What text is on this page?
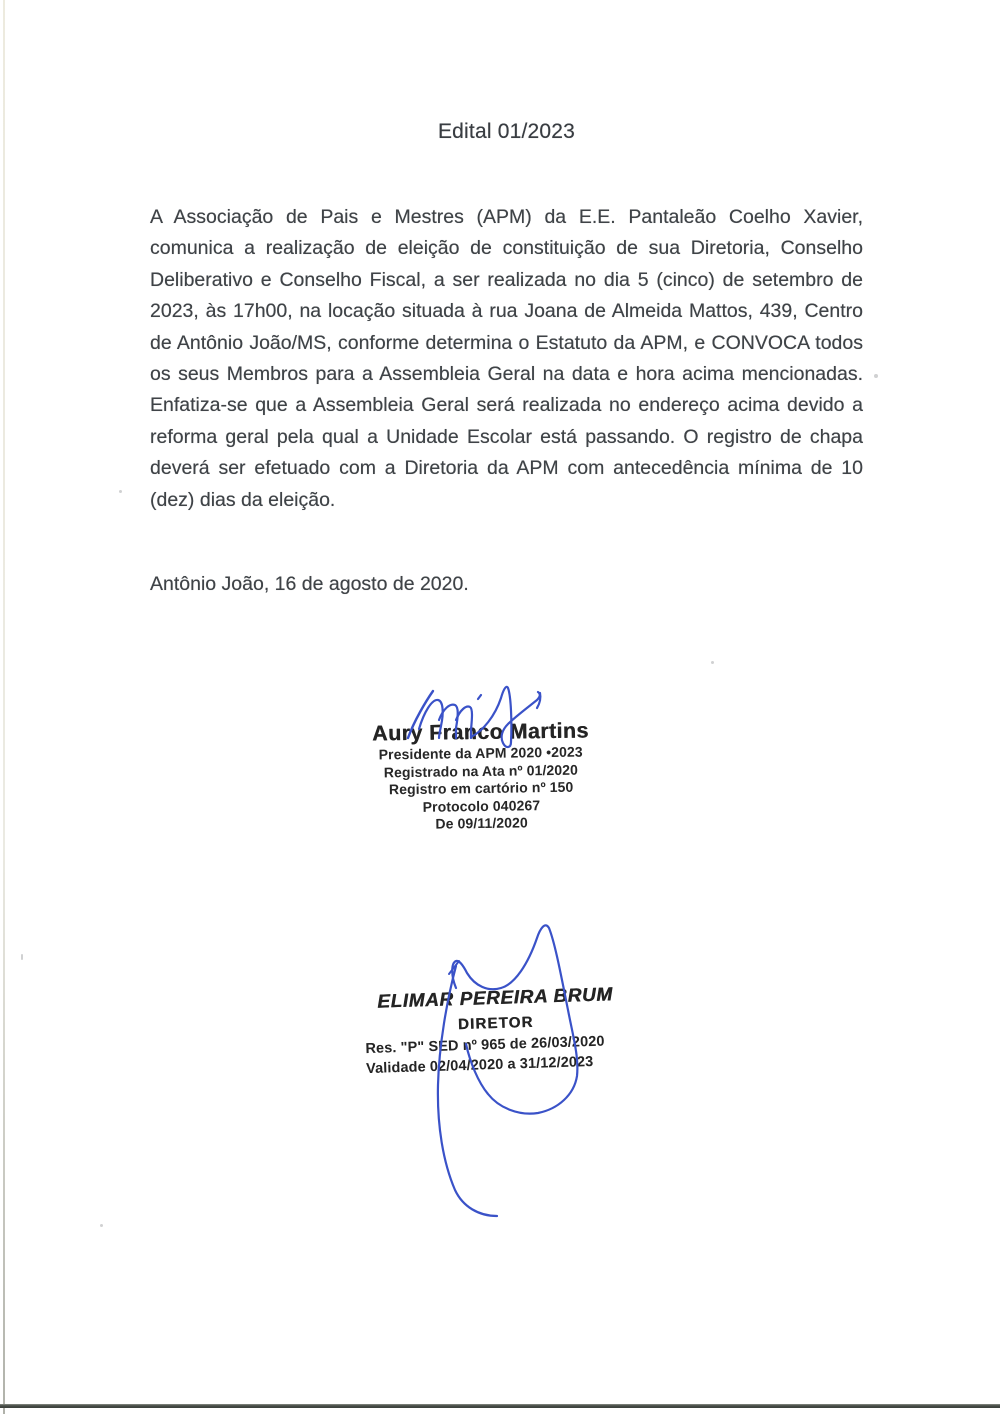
Edital 01/2023
A Associação de Pais e Mestres (APM) da E.E. Pantaleão Coelho Xavier, comunica a realização de eleição de constituição de sua Diretoria, Conselho Deliberativo e Conselho Fiscal, a ser realizada no dia 5 (cinco) de setembro de 2023, às 17h00, na locação situada à rua Joana de Almeida Mattos, 439, Centro de Antônio João/MS, conforme determina o Estatuto da APM, e CONVOCA todos os seus Membros para a Assembleia Geral na data e hora acima mencionadas. Enfatiza-se que a Assembleia Geral será realizada no endereço acima devido a reforma geral pela qual a Unidade Escolar está passando. O registro de chapa deverá ser efetuado com a Diretoria da APM com antecedência mínima de 10 (dez) dias da eleição.
Antônio João, 16 de agosto de 2020.
Aury Franco Martins
Presidente da APM 2020 •2023
Registrado na Ata nº 01/2020
Registro em cartório nº 150
Protocolo 040267
De 09/11/2020
ELIMAR PEREIRA BRUM
DIRETOR
Res. "P" SED nº 965 de 26/03/2020
Validade 02/04/2020 a 31/12/2023
